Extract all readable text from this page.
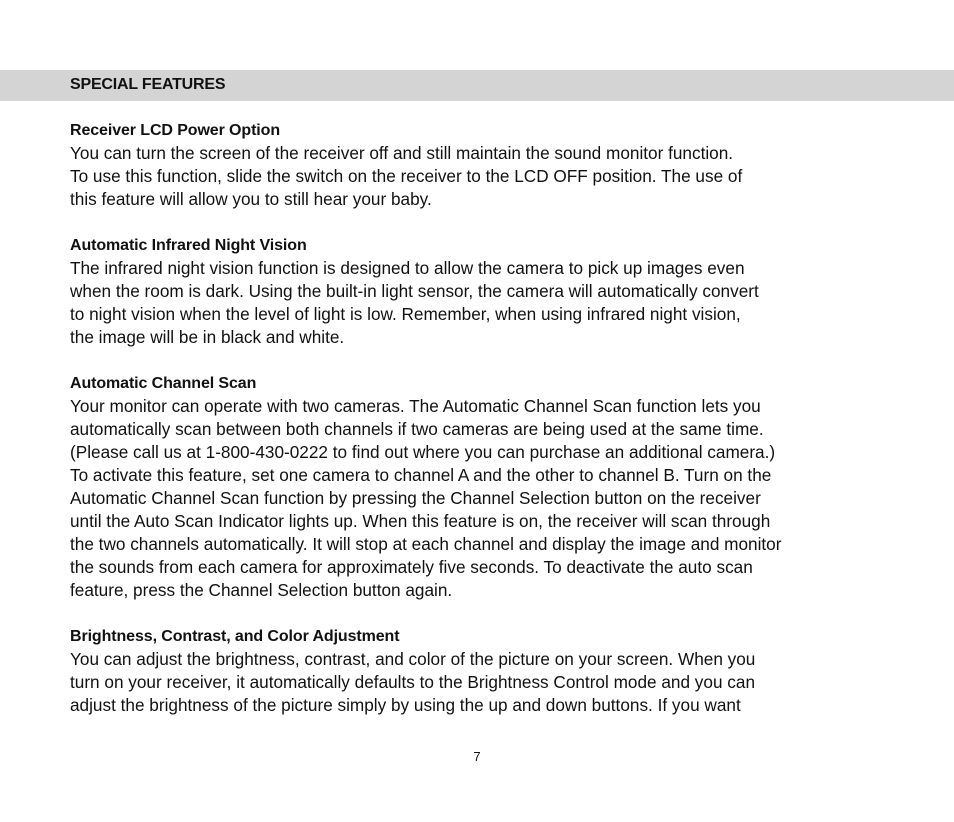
SPECIAL FEATURES
Receiver LCD Power Option
You can turn the screen of the receiver off and still maintain the sound monitor function.
To use this function, slide the switch on the receiver to the LCD OFF position. The use of
this feature will allow you to still hear your baby.
Automatic Infrared Night Vision
The infrared night vision function is designed to allow the camera to pick up images even
when the room is dark. Using the built-in light sensor, the camera will automatically convert
to night vision when the level of light is low. Remember, when using infrared night vision,
the image will be in black and white.
Automatic Channel Scan
Your monitor can operate with two cameras. The Automatic Channel Scan function lets you
automatically scan between both channels if two cameras are being used at the same time.
(Please call us at 1-800-430-0222 to find out where you can purchase an additional camera.)
To activate this feature, set one camera to channel A and the other to channel B. Turn on the
Automatic Channel Scan function by pressing the Channel Selection button on the receiver
until the Auto Scan Indicator lights up. When this feature is on, the receiver will scan through
the two channels automatically. It will stop at each channel and display the image and monitor
the sounds from each camera for approximately five seconds. To deactivate the auto scan
feature, press the Channel Selection button again.
Brightness, Contrast, and Color Adjustment
You can adjust the brightness, contrast, and color of the picture on your screen. When you
turn on your receiver, it automatically defaults to the Brightness Control mode and you can
adjust the brightness of the picture simply by using the up and down buttons. If you want
7
